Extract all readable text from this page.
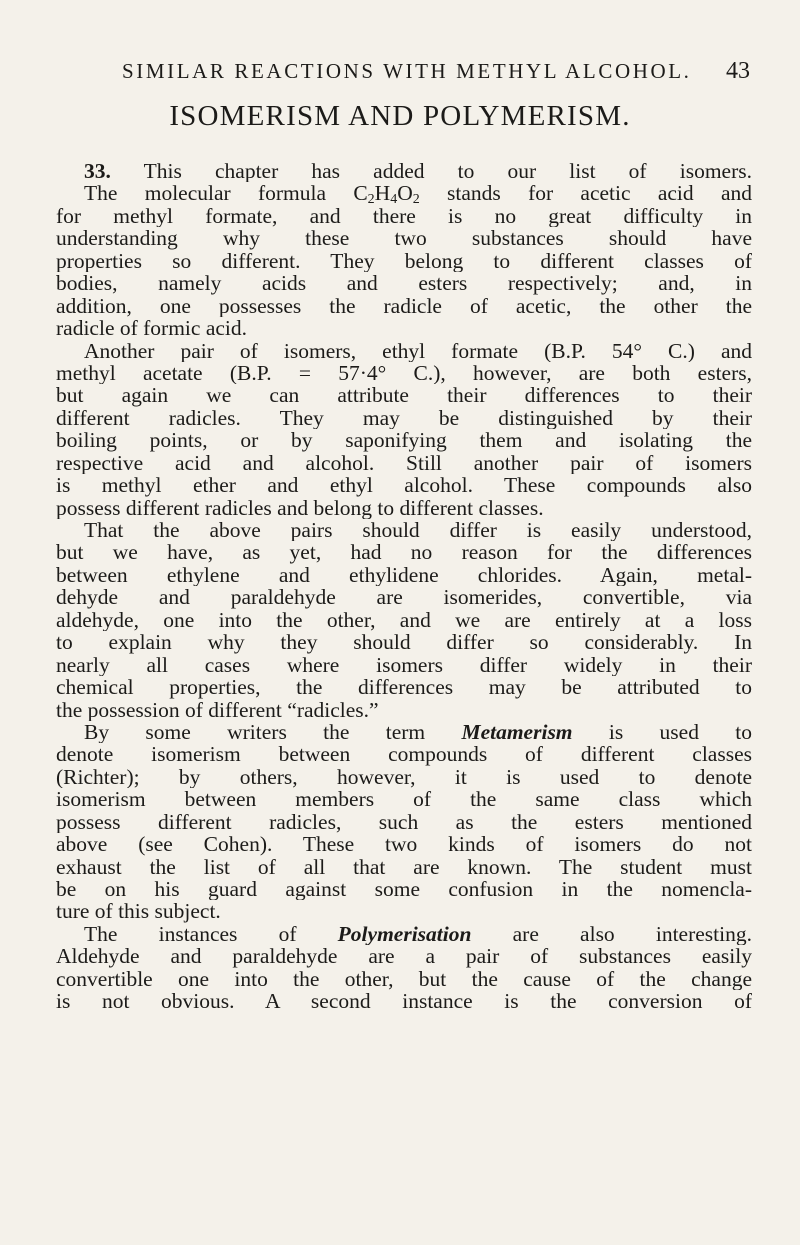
SIMILAR REACTIONS WITH METHYL ALCOHOL. 43
ISOMERISM AND POLYMERISM.
33. This chapter has added to our list of isomers.
The molecular formula $C_2H_4O_2$ stands for acetic acid and
for methyl formate, and there is no great difficulty in
understanding why these two substances should have
properties so different. They belong to different classes of
bodies, namely acids and esters respectively; and, in
addition, one possesses the radicle of acetic, the other the
radicle of formic acid.
Another pair of isomers, ethyl formate (B.P. 54° C.) and
methyl acetate (B.P. = 57·4° C.), however, are both esters,
but again we can attribute their differences to their
different radicles. They may be distinguished by their
boiling points, or by saponifying them and isolating the
respective acid and alcohol. Still another pair of isomers
is methyl ether and ethyl alcohol. These compounds also
possess different radicles and belong to different classes.
That the above pairs should differ is easily understood,
but we have, as yet, had no reason for the differences
between ethylene and ethylidene chlorides. Again, metal-
dehyde and paraldehyde are isomerides, convertible, via
aldehyde, one into the other, and we are entirely at a loss
to explain why they should differ so considerably. In
nearly all cases where isomers differ widely in their
chemical properties, the differences may be attributed to
the possession of different “radicles.”
By some writers the term Metamerism is used to
denote isomerism between compounds of different classes
(Richter); by others, however, it is used to denote
isomerism between members of the same class which
possess different radicles, such as the esters mentioned
above (see Cohen). These two kinds of isomers do not
exhaust the list of all that are known. The student must
be on his guard against some confusion in the nomencla-
ture of this subject.
The instances of Polymerisation are also interesting.
Aldehyde and paraldehyde are a pair of substances easily
convertible one into the other, but the cause of the change
is not obvious. A second instance is the conversion of
